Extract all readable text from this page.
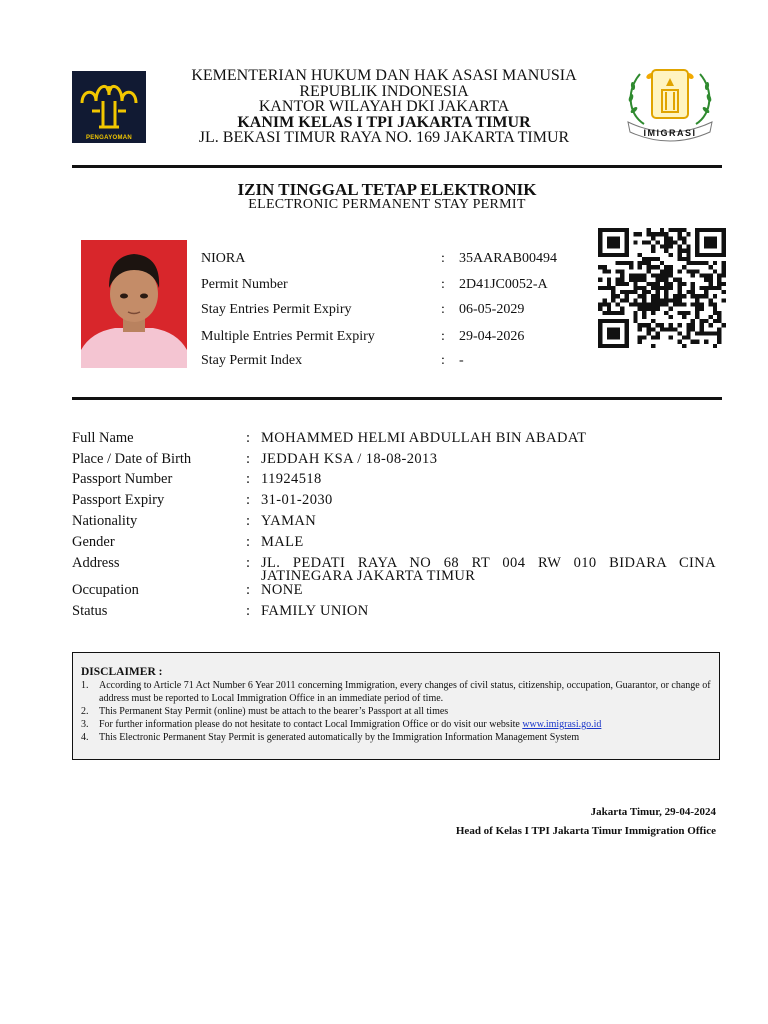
PENGAYOMAN	IMIGRASI
KEMENTERIAN HUKUM DAN HAK ASASI MANUSIA
REPUBLIK INDONESIA
KANTOR WILAYAH DKI JAKARTA
KANIM KELAS I TPI JAKARTA TIMUR
JL. BEKASI TIMUR RAYA NO. 169 JAKARTA TIMUR
IZIN TINGGAL TETAP ELEKTRONIK
ELECTRONIC PERMANENT STAY PERMIT
NIORA	: 35AARAB00494
Permit Number	: 2D41JC0052-A
Stay Entries Permit Expiry	: 06-05-2029
Multiple Entries Permit Expiry	: 29-04-2026
Stay Permit Index	: -
Full Name	: MOHAMMED HELMI ABDULLAH BIN ABADAT
Place / Date of Birth	: JEDDAH KSA / 18-08-2013
Passport Number	: 11924518
Passport Expiry	: 31-01-2030
Nationality	: YAMAN
Gender	: MALE
Address	: JL. PEDATI RAYA NO 68 RT 004 RW 010 BIDARA CINA
JATINEGARA JAKARTA TIMUR
Occupation	: NONE
Status	: FAMILY UNION
DISCLAIMER :
1. According to Article 71 Act Number 6 Year 2011 concerning Immigration, every changes of civil status, citizenship, occupation, Guarantor, or change of address must be reported to Local Immigration Office in an immediate period of time.
2. This Permanent Stay Permit (online) must be attach to the bearer’s Passport at all times
3. For further information please do not hesitate to contact Local Immigration Office or do visit our website www.imigrasi.go.id
4. This Electronic Permanent Stay Permit is generated automatically by the Immigration Information Management System
Jakarta Timur, 29-04-2024
Head of Kelas I TPI Jakarta Timur Immigration Office
